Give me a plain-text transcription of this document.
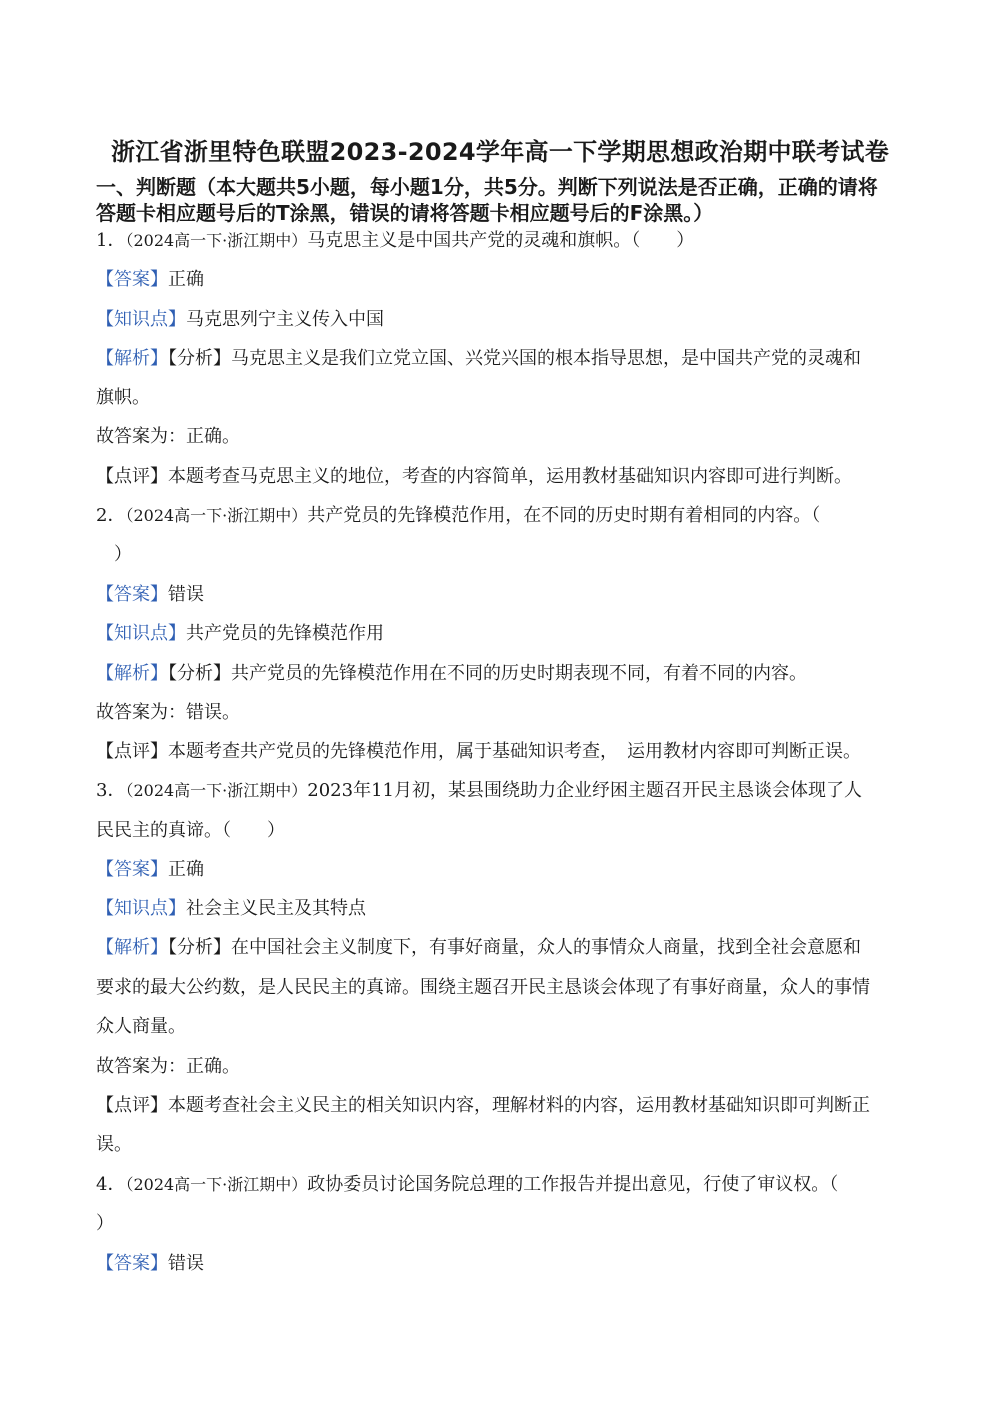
浙江省浙里特色联盟2023-2024学年高一下学期思想政治期中联考试卷
一、判断题（本大题共5小题，每小题1分，共5分。判断下列说法是否正确，正确的请将
答题卡相应题号后的T涂黑，错误的请将答题卡相应题号后的F涂黑。）
1．（2024高一下·浙江期中）马克思主义是中国共产党的灵魂和旗帜。（　　）
【答案】正确
【知识点】马克思列宁主义传入中国
【解析】【分析】马克思主义是我们立党立国、兴党兴国的根本指导思想，是中国共产党的灵魂和
旗帜。
故答案为：正确。
【点评】本题考查马克思主义的地位，考查的内容简单，运用教材基础知识内容即可进行判断。
2．（2024高一下·浙江期中）共产党员的先锋模范作用，在不同的历史时期有着相同的内容。（
）
【答案】错误
【知识点】共产党员的先锋模范作用
【解析】【分析】共产党员的先锋模范作用在不同的历史时期表现不同，有着不同的内容。
故答案为：错误。
【点评】本题考查共产党员的先锋模范作用，属于基础知识考查，　运用教材内容即可判断正误。
3．（2024高一下·浙江期中）2023年11月初，某县围绕助力企业纾困主题召开民主恳谈会体现了人
民民主的真谛。（　　）
【答案】正确
【知识点】社会主义民主及其特点
【解析】【分析】在中国社会主义制度下，有事好商量，众人的事情众人商量，找到全社会意愿和
要求的最大公约数，是人民民主的真谛。围绕主题召开民主恳谈会体现了有事好商量，众人的事情
众人商量。
故答案为：正确。
【点评】本题考查社会主义民主的相关知识内容，理解材料的内容，运用教材基础知识即可判断正
误。
4．（2024高一下·浙江期中）政协委员讨论国务院总理的工作报告并提出意见，行使了审议权。（
）
【答案】错误
